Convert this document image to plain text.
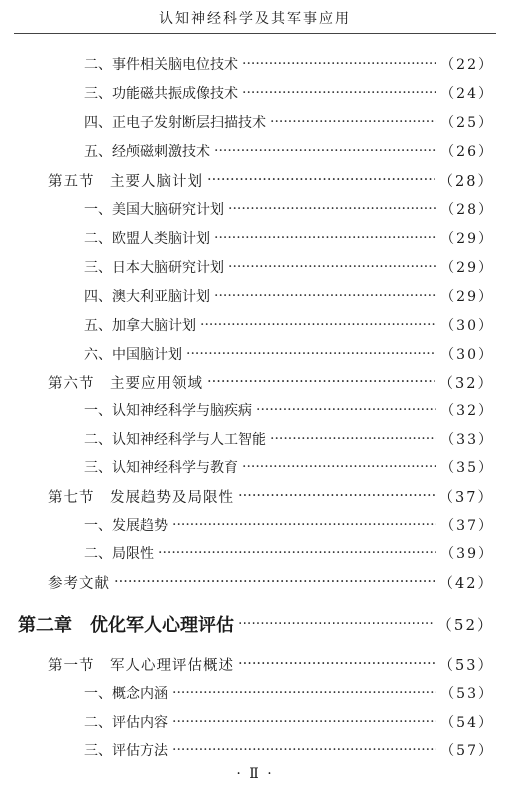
认知神经科学及其军事应用
二、事件相关脑电位技术 ·····	（22）
三、功能磁共振成像技术 ·····	（24）
四、正电子发射断层扫描技术 ·····	（25）
五、经颅磁刺激技术 ·····	（26）
第五节　主要人脑计划 ·····	（28）
一、美国大脑研究计划 ·····	（28）
二、欧盟人类脑计划 ·····	（29）
三、日本大脑研究计划 ·····	（29）
四、澳大利亚脑计划 ·····	（29）
五、加拿大脑计划 ·····	（30）
六、中国脑计划 ·····	（30）
第六节　主要应用领域 ·····	（32）
一、认知神经科学与脑疾病 ·····	（32）
二、认知神经科学与人工智能 ·····	（33）
三、认知神经科学与教育 ·····	（35）
第七节　发展趋势及局限性 ·····	（37）
一、发展趋势 ·····	（37）
二、局限性 ·····	（39）
参考文献 ·····	（42）
第二章　优化军人心理评估 ·····	（52）
第一节　军人心理评估概述 ·····	（53）
一、概念内涵 ·····	（53）
二、评估内容 ·····	（54）
三、评估方法 ·····	（57）
· Ⅱ ·
